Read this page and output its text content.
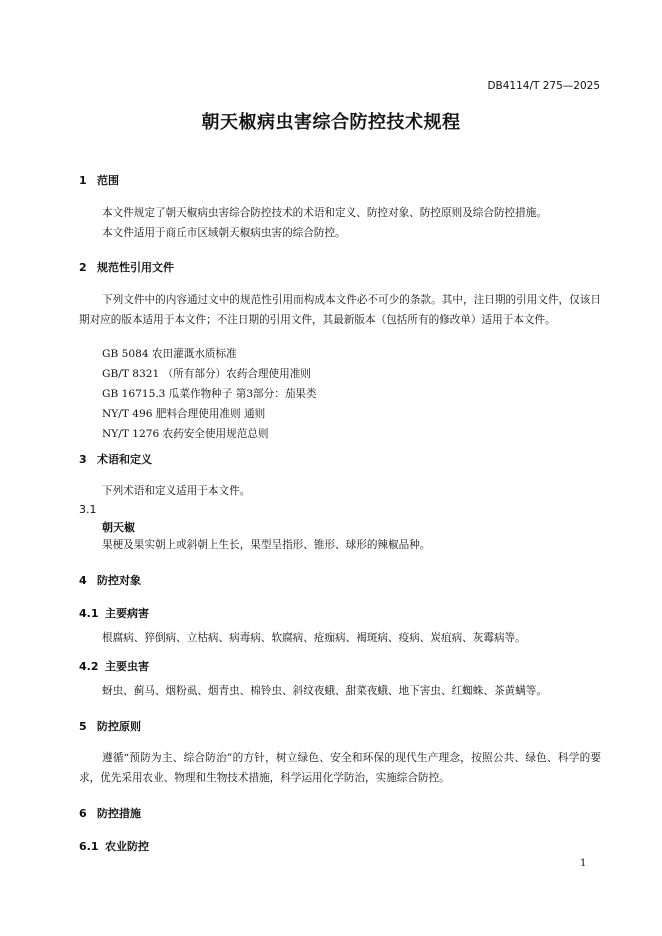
DB4114/T 275—2025
朝天椒病虫害综合防控技术规程
1 范围
本文件规定了朝天椒病虫害综合防控技术的术语和定义、防控对象、防控原则及综合防控措施。
本文件适用于商丘市区域朝天椒病虫害的综合防控。
2 规范性引用文件
下列文件中的内容通过文中的规范性引用而构成本文件必不可少的条款。其中，注日期的引用文件，仅该日期对应的版本适用于本文件；不注日期的引用文件，其最新版本（包括所有的修改单）适用于本文件。
GB 5084 农田灌溉水质标准
GB/T 8321 （所有部分）农药合理使用准则
GB 16715.3 瓜菜作物种子 第3部分：茄果类
NY/T 496 肥料合理使用准则 通则
NY/T 1276 农药安全使用规范总则
3 术语和定义
下列术语和定义适用于本文件。
3.1
朝天椒
果梗及果实朝上或斜朝上生长，果型呈指形、锥形、球形的辣椒品种。
4 防控对象
4.1 主要病害
根腐病、猝倒病、立枯病、病毒病、软腐病、疮痂病、褐斑病、疫病、炭疽病、灰霉病等。
4.2 主要虫害
蚜虫、蓟马、烟粉虱、烟青虫、棉铃虫、斜纹夜蛾、甜菜夜蛾、地下害虫、红蜘蛛、茶黄螨等。
5 防控原则
遵循“预防为主、综合防治”的方针，树立绿色、安全和环保的现代生产理念，按照公共、绿色、科学的要求，优先采用农业、物理和生物技术措施，科学运用化学防治，实施综合防控。
6 防控措施
6.1 农业防控
1
